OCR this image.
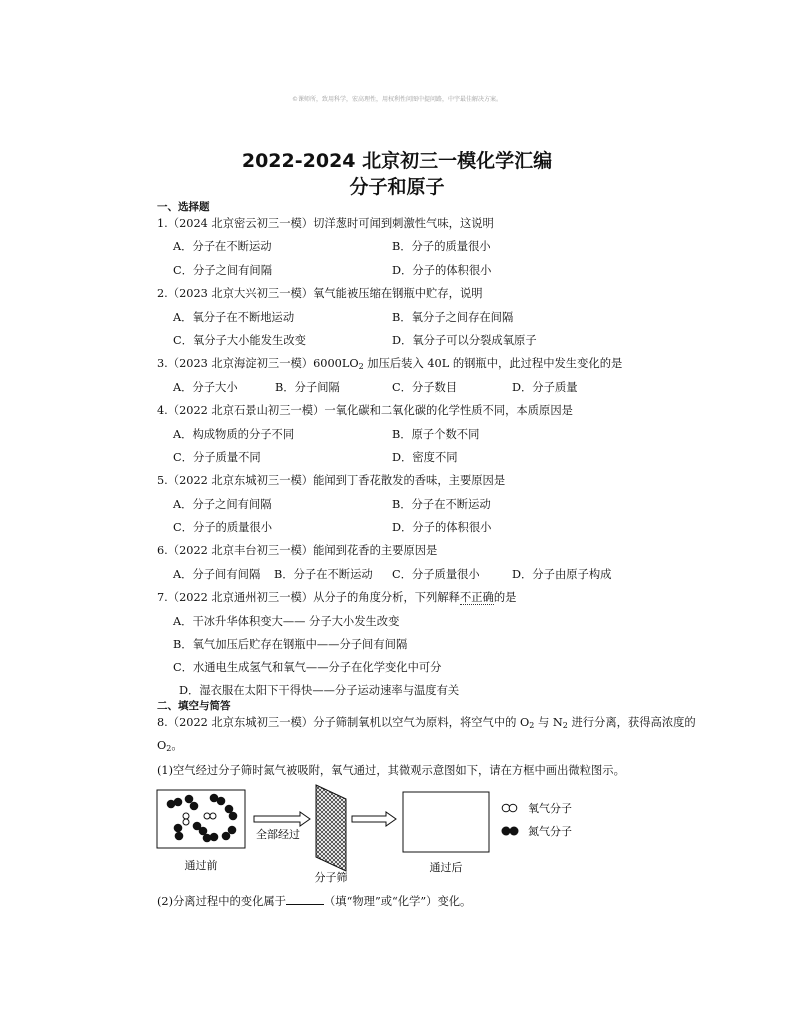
©课师所，致用科学，宏高理性，用权利性问图中提问路，中宇最佳解决方案。
2022-2024 北京初三一模化学汇编
分子和原子
一、选择题
1.（2024 北京密云初三一模）切洋葱时可闻到刺激性气味，这说明
A．分子在不断运动	B．分子的质量很小
C．分子之间有间隔	D．分子的体积很小
2.（2023 北京大兴初三一模）氧气能被压缩在钢瓶中贮存，说明
A．氧分子在不断地运动	B．氧分子之间存在间隔
C．氧分子大小能发生改变	D．氧分子可以分裂成氧原子
3.（2023 北京海淀初三一模）$6000LO_2$ 加压后装入 40L 的钢瓶中，此过程中发生变化的是
A．分子大小	B．分子间隔	C．分子数目	D．分子质量
4.（2022 北京石景山初三一模）一氧化碳和二氧化碳的化学性质不同，本质原因是
A．构成物质的分子不同	B．原子个数不同
C．分子质量不同	D．密度不同
5.（2022 北京东城初三一模）能闻到丁香花散发的香味，主要原因是
A．分子之间有间隔	B．分子在不断运动
C．分子的质量很小	D．分子的体积很小
6.（2022 北京丰台初三一模）能闻到花香的主要原因是
A．分子间有间隔 B．分子在不断运动 C．分子质量很小	D．分子由原子构成
7.（2022 北京通州初三一模）从分子的角度分析，下列解释不正确的是
A．干冰升华体积变大—— 分子大小发生改变
B．氧气加压后贮存在钢瓶中——分子间有间隔
C．水通电生成氢气和氧气——分子在化学变化中可分
D．湿衣服在太阳下干得快——分子运动速率与温度有关
二、填空与简答
8.（2022 北京东城初三一模）分子筛制氧机以空气为原料，将空气中的 $O_2$ 与 $N_2$ 进行分离，获得高浓度的
$O_2$。
(1)空气经过分子筛时氮气被吸附，氧气通过，其微观示意图如下，请在方框中画出微粒图示。
通过前
全部经过
分子筛
通过后
氧气分子
氮气分子
(2)分离过程中的变化属于	（填“物理”或“化学”）变化。
